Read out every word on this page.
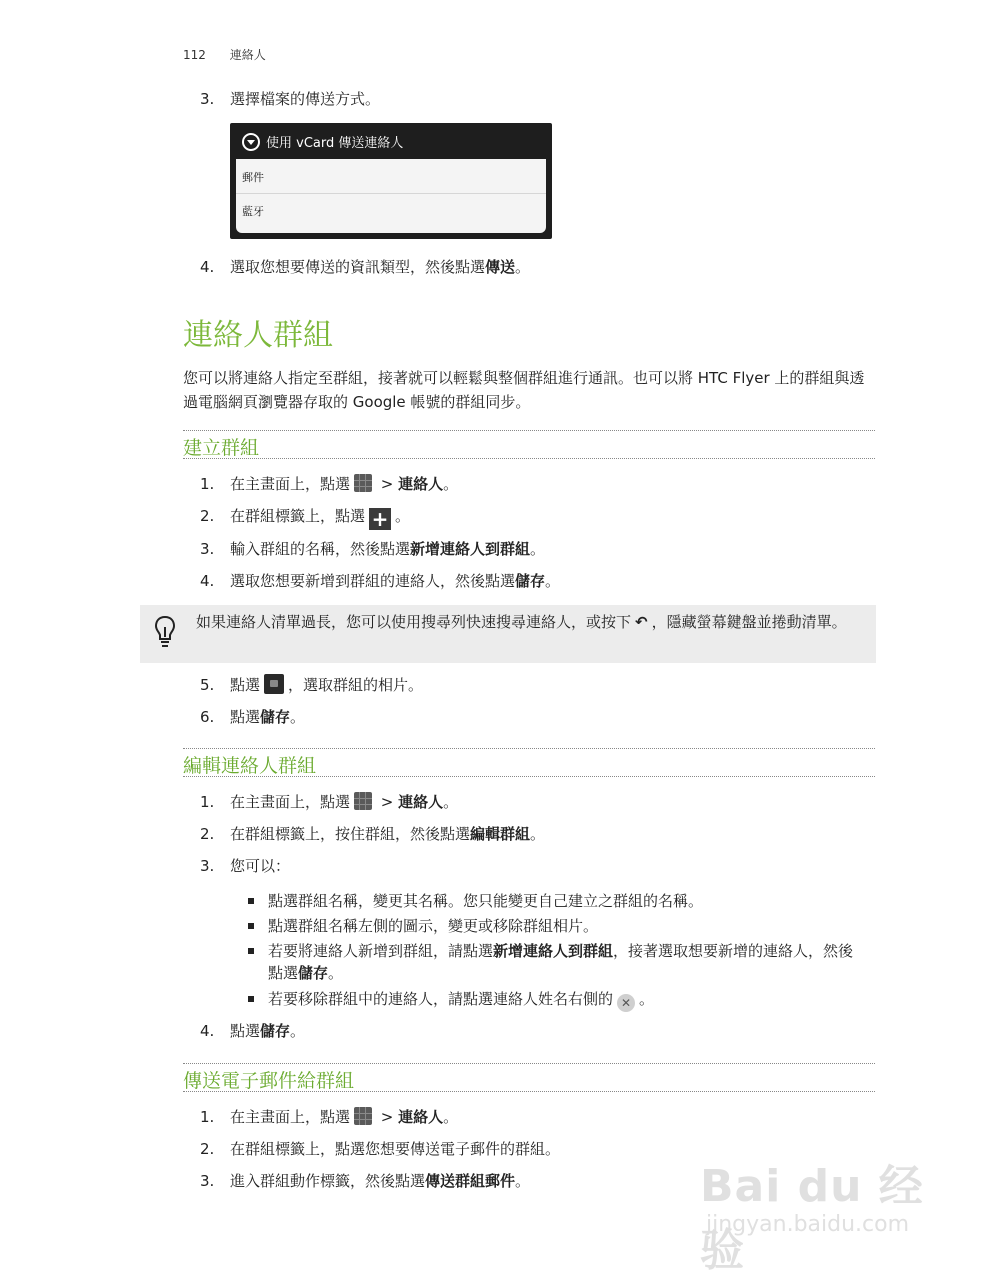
112 連絡人
3. 選擇檔案的傳送方式。
使用 vCard 傳送連絡人
郵件
藍牙
4. 選取您想要傳送的資訊類型，然後點選傳送。
連絡人群組
您可以將連絡人指定至群組，接著就可以輕鬆與整個群組進行通訊。也可以將 HTC Flyer 上的群組與透過電腦網頁瀏覽器存取的 Google 帳號的群組同步。
建立群組
1. 在主畫面上，點選 > 連絡人。
2. 在群組標籤上，點選 + 。
3. 輸入群組的名稱，然後點選新增連絡人到群組。
4. 選取您想要新增到群組的連絡人，然後點選儲存。
如果連絡人清單過長，您可以使用搜尋列快速搜尋連絡人，或按下 ↶ ，隱藏螢幕鍵盤並捲動清單。
5. 點選 ，選取群組的相片。
6. 點選儲存。
編輯連絡人群組
1. 在主畫面上，點選 > 連絡人。
2. 在群組標籤上，按住群組，然後點選編輯群組。
3. 您可以：
點選群組名稱，變更其名稱。您只能變更自己建立之群組的名稱。
點選群組名稱左側的圖示，變更或移除群組相片。
若要將連絡人新增到群組，請點選新增連絡人到群組，接著選取想要新增的連絡人，然後點選儲存。
若要移除群組中的連絡人，請點選連絡人姓名右側的 ✕ 。
4. 點選儲存。
傳送電子郵件給群組
1. 在主畫面上，點選 > 連絡人。
2. 在群組標籤上，點選您想要傳送電子郵件的群組。
3. 進入群組動作標籤，然後點選傳送群組郵件。	Bai du 经验
jingyan.baidu.com
